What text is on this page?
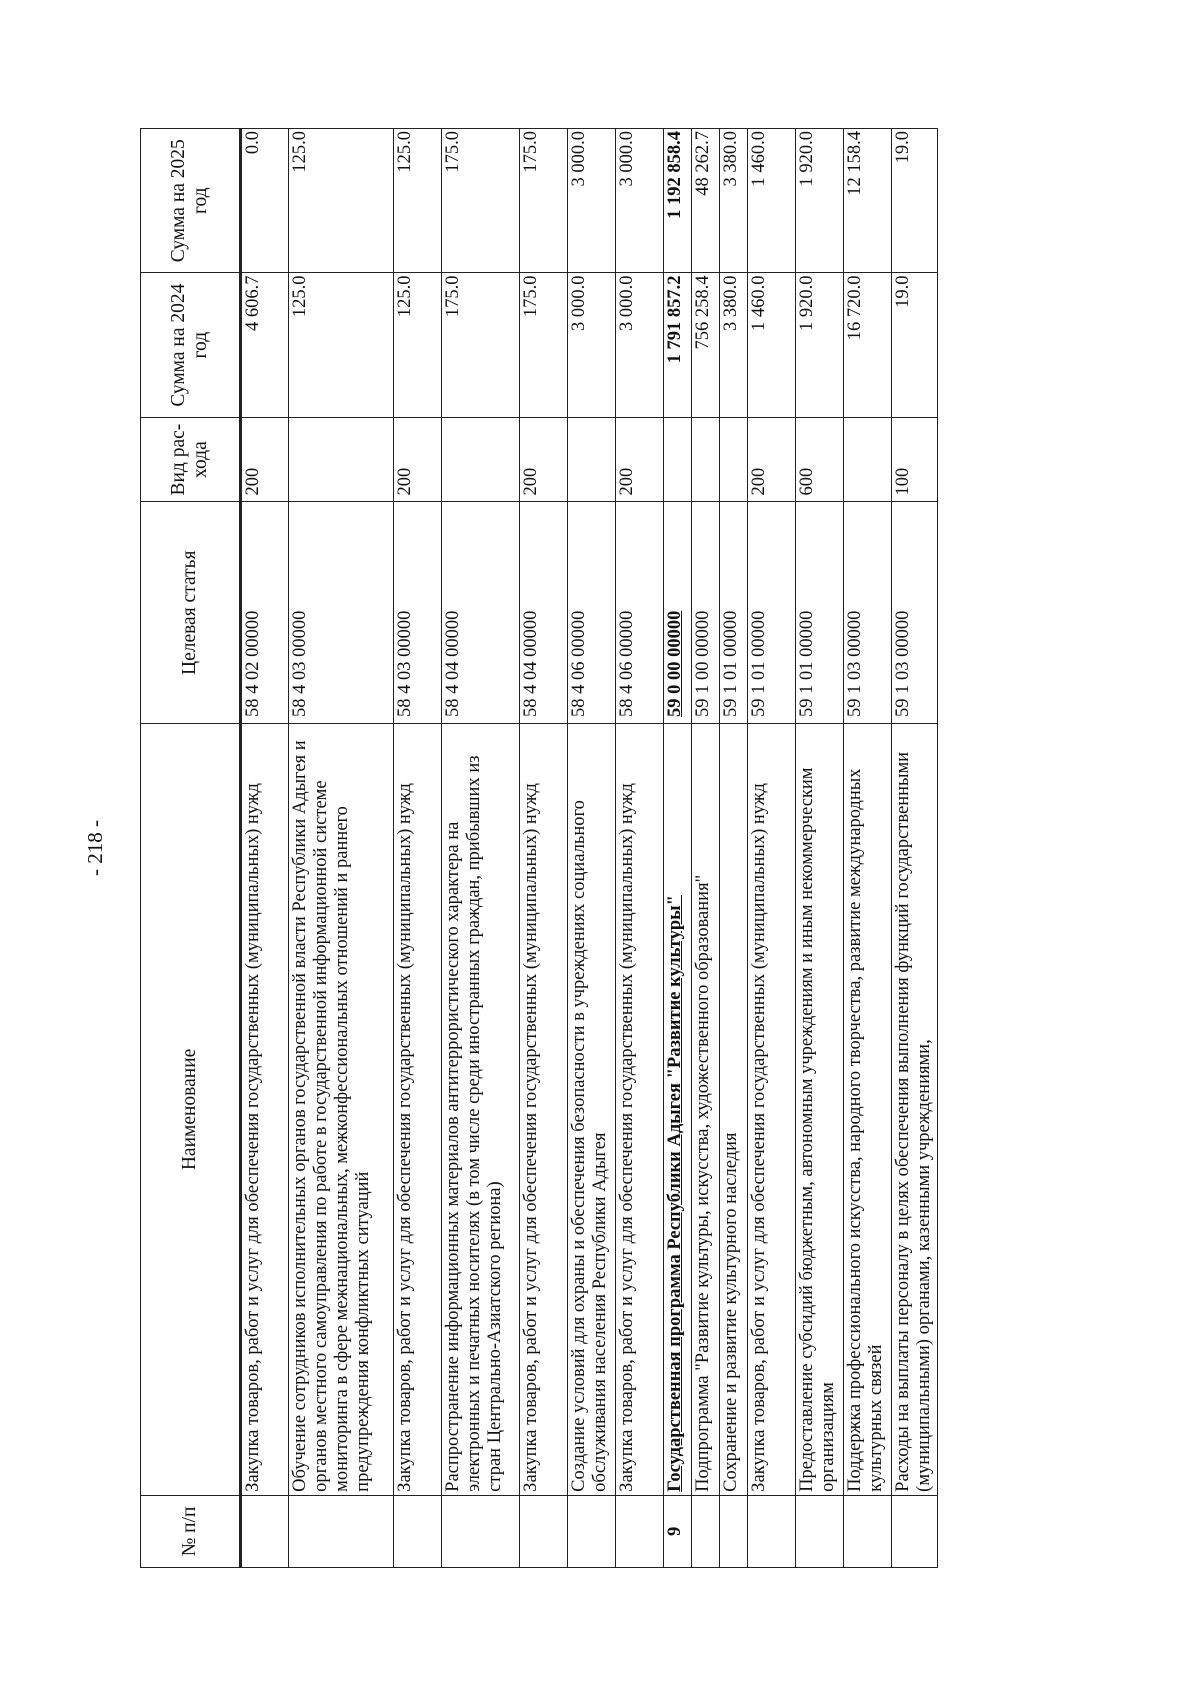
- 218 -
№ п/п	Наименование	Целевая статья	Вид рас-хода	Сумма на 2024 год	Сумма на 2025 год
	Закупка товаров, работ и услуг для обеспечения государственных (муниципальных) нужд	58 4 02 00000	200	4 606.7	0.0
	Обучение сотрудников исполнительных органов государственной власти Республики Адыгея и органов местного самоуправления по работе в государственной информационной системе мониторинга в сфере межнациональных, межконфессиональных отношений и раннего предупреждения конфликтных ситуаций	58 4 03 00000		125.0	125.0
	Закупка товаров, работ и услуг для обеспечения государственных (муниципальных) нужд	58 4 03 00000	200	125.0	125.0
	Распространение информационных материалов антитеррористического характера на электронных и печатных носителях (в том числе среди иностранных граждан, прибывших из стран Центрально-Азиатского региона)	58 4 04 00000		175.0	175.0
	Закупка товаров, работ и услуг для обеспечения государственных (муниципальных) нужд	58 4 04 00000	200	175.0	175.0
	Создание условий для охраны и обеспечения безопасности в учреждениях социального обслуживания населения Республики Адыгея	58 4 06 00000		3 000.0	3 000.0
	Закупка товаров, работ и услуг для обеспечения государственных (муниципальных) нужд	58 4 06 00000	200	3 000.0	3 000.0
9	Государственная программа Республики Адыгея "Развитие культуры"	59 0 00 00000		1 791 857.2	1 192 858.4
	Подпрограмма "Развитие культуры, искусства, художественного образования"	59 1 00 00000		756 258.4	48 262.7
	Сохранение и развитие культурного наследия	59 1 01 00000		3 380.0	3 380.0
	Закупка товаров, работ и услуг для обеспечения государственных (муниципальных) нужд	59 1 01 00000	200	1 460.0	1 460.0
	Предоставление субсидий бюджетным, автономным учреждениям и иным некоммерческим организациям	59 1 01 00000	600	1 920.0	1 920.0
	Поддержка профессионального искусства, народного творчества, развитие международных культурных связей	59 1 03 00000		16 720.0	12 158.4
	Расходы на выплаты персоналу в целях обеспечения выполнения функций государственными (муниципальными) органами, казенными учреждениями,	59 1 03 00000	100	19.0	19.0
